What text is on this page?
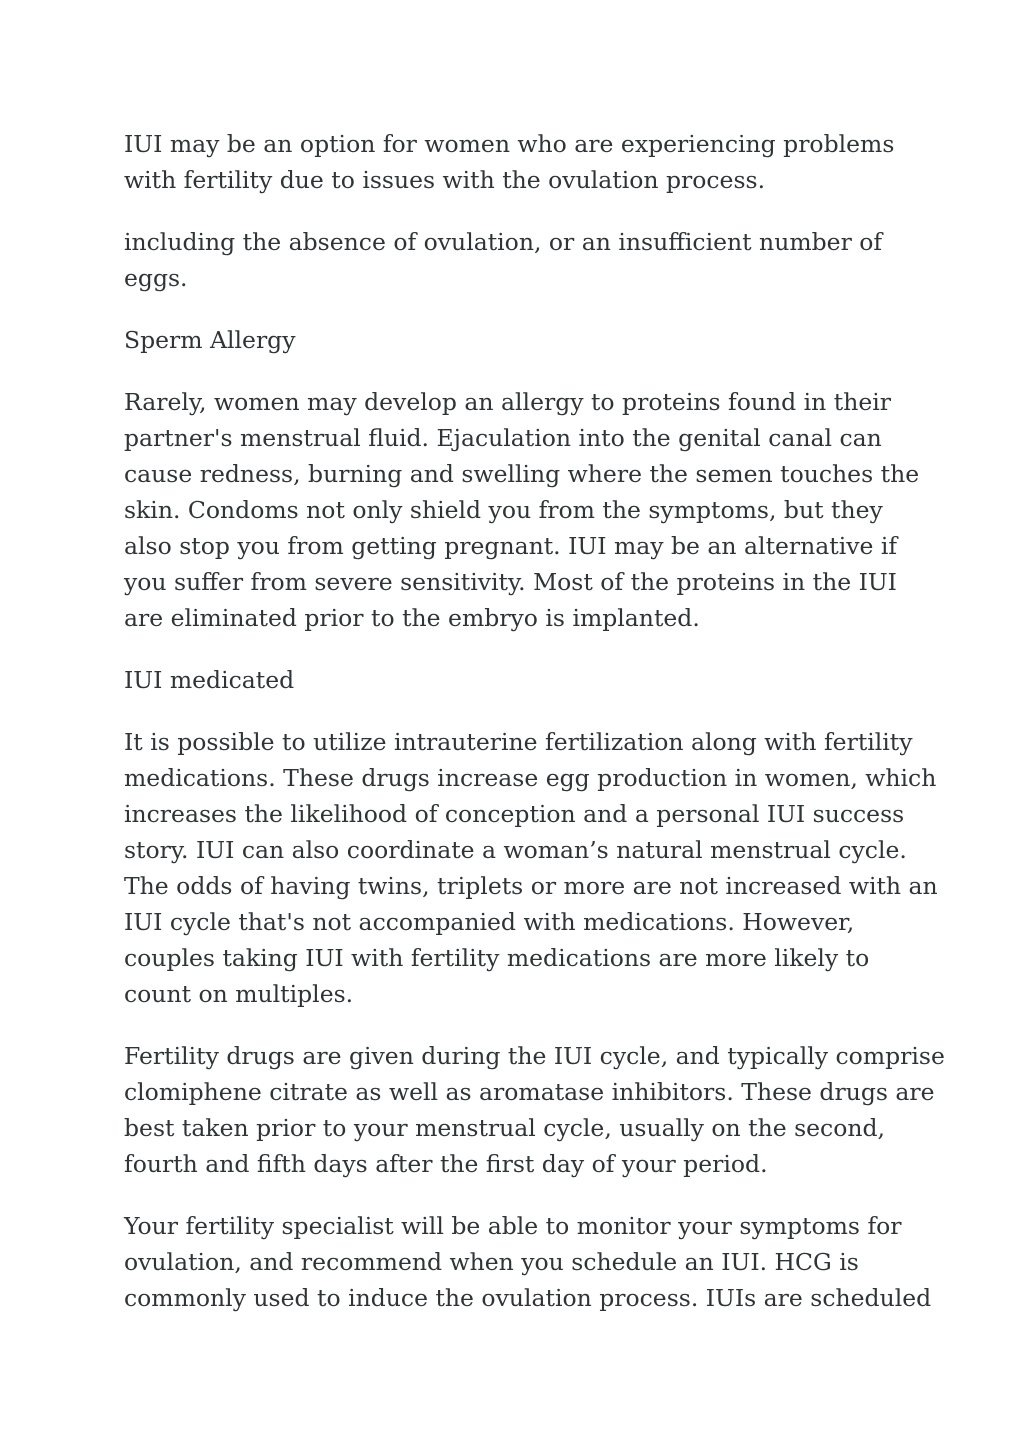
IUI may be an option for women who are experiencing problems
with fertility due to issues with the ovulation process.

including the absence of ovulation, or an insufficient number of
eggs.

Sperm Allergy

Rarely, women may develop an allergy to proteins found in their
partner's menstrual fluid. Ejaculation into the genital canal can
cause redness, burning and swelling where the semen touches the
skin. Condoms not only shield you from the symptoms, but they
also stop you from getting pregnant. IUI may be an alternative if
you suffer from severe sensitivity. Most of the proteins in the IUI
are eliminated prior to the embryo is implanted.

IUI medicated

It is possible to utilize intrauterine fertilization along with fertility
medications. These drugs increase egg production in women, which
increases the likelihood of conception and a personal IUI success
story. IUI can also coordinate a woman’s natural menstrual cycle.
The odds of having twins, triplets or more are not increased with an
IUI cycle that's not accompanied with medications. However,
couples taking IUI with fertility medications are more likely to
count on multiples.

Fertility drugs are given during the IUI cycle, and typically comprise
clomiphene citrate as well as aromatase inhibitors. These drugs are
best taken prior to your menstrual cycle, usually on the second,
fourth and fifth days after the first day of your period.

Your fertility specialist will be able to monitor your symptoms for
ovulation, and recommend when you schedule an IUI. HCG is
commonly used to induce the ovulation process. IUIs are scheduled
